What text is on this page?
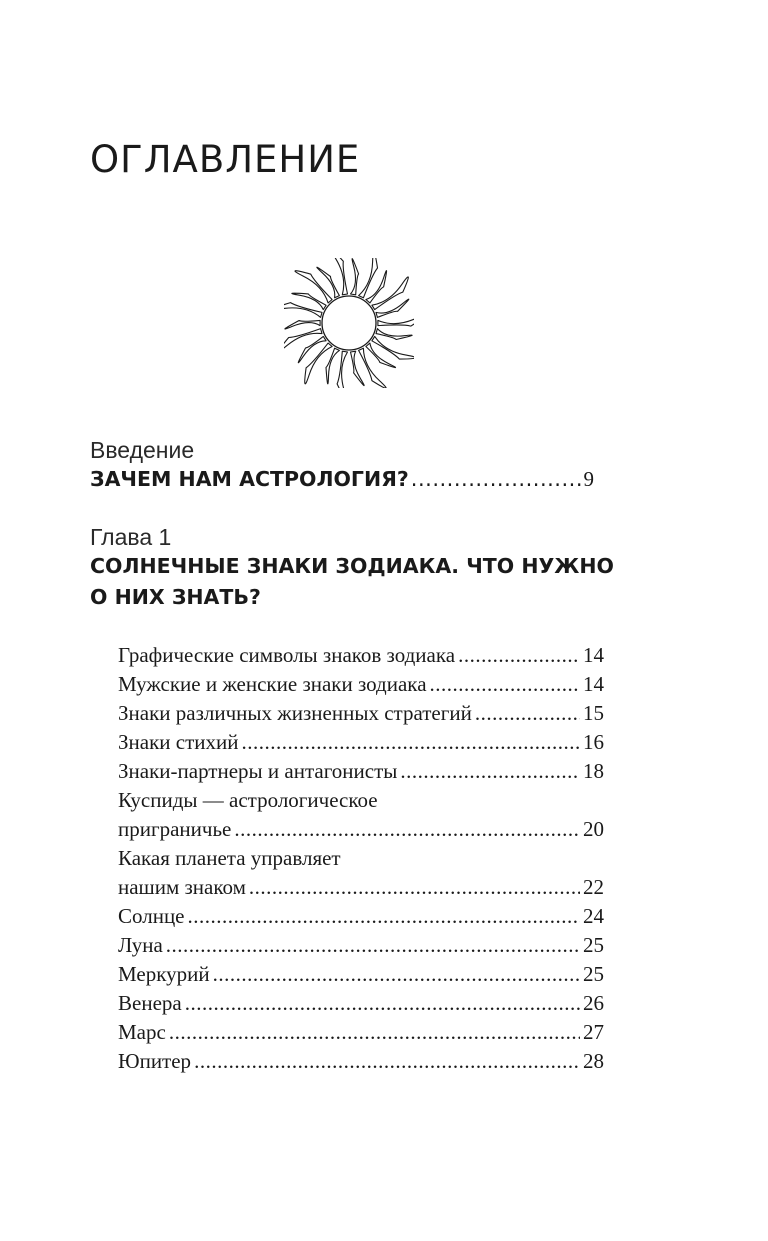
ОГЛАВЛЕНИЕ
Введение
ЗАЧЕМ НАМ АСТРОЛОГИЯ? .....	9
Глава 1
СОЛНЕЧНЫЕ ЗНАКИ ЗОДИАКА. ЧТО НУЖНО
О НИХ ЗНАТЬ?
Графические символы знаков зодиака .....	14
Мужские и женские знаки зодиака .....	14
Знаки различных жизненных стратегий .....	15
Знаки стихий .....	16
Знаки-партнеры и антагонисты .....	18
Куспиды — астрологическое
приграничье .....	20
Какая планета управляет
нашим знаком .....	22
Солнце .....	24
Луна .....	25
Меркурий .....	25
Венера .....	26
Марс .....	27
Юпитер .....	28
